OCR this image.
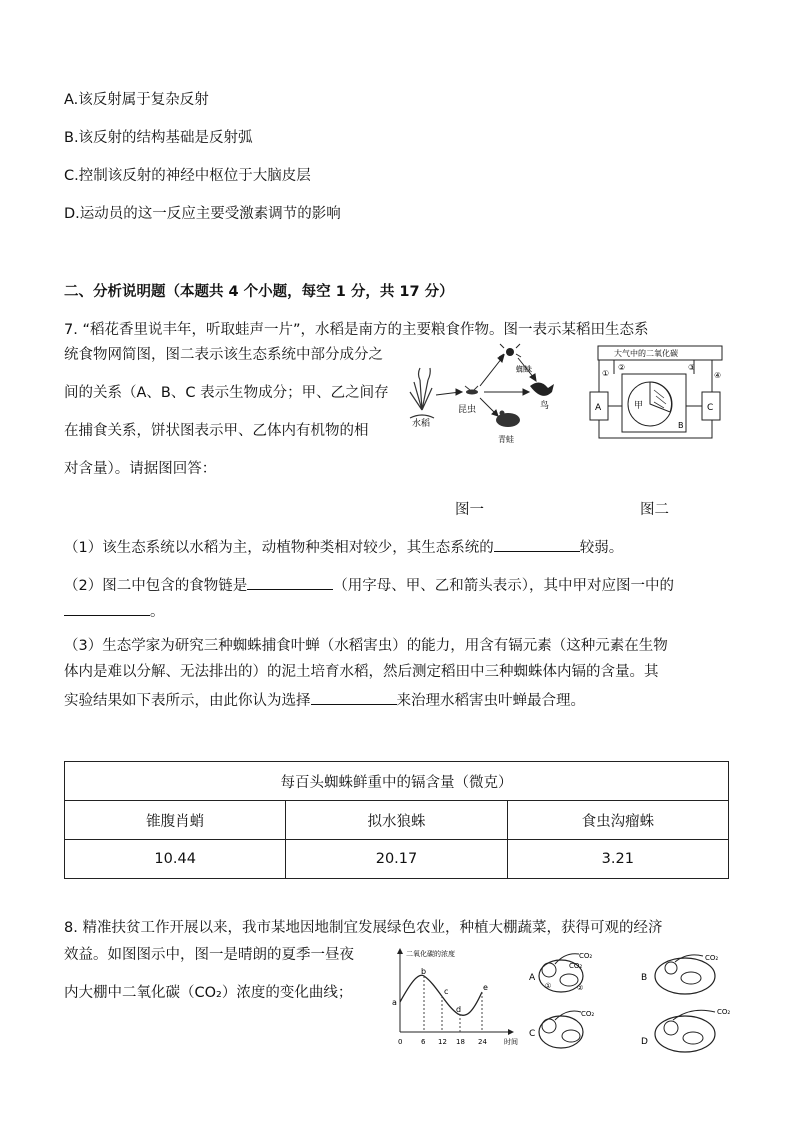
A.该反射属于复杂反射
B.该反射的结构基础是反射弧
C.控制该反射的神经中枢位于大脑皮层
D.运动员的这一反应主要受激素调节的影响
二、分析说明题（本题共 4 个小题，每空 1 分，共 17 分）
7. “稻花香里说丰年，听取蛙声一片”，水稻是南方的主要粮食作物。图一表示某稻田生态系
统食物网简图，图二表示该生态系统中部分成分之
间的关系（A、B、C 表示生物成分；甲、乙之间存
在捕食关系，饼状图表示甲、乙体内有机物的相
对含量）。请据图回答：
水稻
昆虫
蜘蛛
鸟
青蛙
大气中的二氧化碳
A	C
甲
B
①
②	③
④
图一	图二
（1）该生态系统以水稻为主，动植物种类相对较少，其生态系统的	较弱。
（2）图二中包含的食物链是	（用字母、甲、乙和箭头表示），其中甲对应图一中的
。
（3）生态学家为研究三种蜘蛛捕食叶蝉（水稻害虫）的能力，用含有镉元素（这种元素在生物
体内是难以分解、无法排出的）的泥土培育水稻，然后测定稻田中三种蜘蛛体内镉的含量。其
实验结果如下表所示，由此你认为选择	来治理水稻害虫叶蝉最合理。
每百头蜘蛛鲜重中的镉含量（微克）		
锥腹肖蛸	拟水狼蛛	食虫沟瘤蛛
10.44	20.17	3.21
8. 精准扶贫工作开展以来，我市某地因地制宜发展绿色农业，种植大棚蔬菜，获得可观的经济
效益。如图图示中，图一是晴朗的夏季一昼夜
内大棚中二氧化碳（CO₂）浓度的变化曲线；
二氧化碳的浓度
时间
a
b
c
d
e
0	6 12 18 24
A
①	②
CO₂
CO₂
B
CO₂
C
CO₂
D
CO₂
